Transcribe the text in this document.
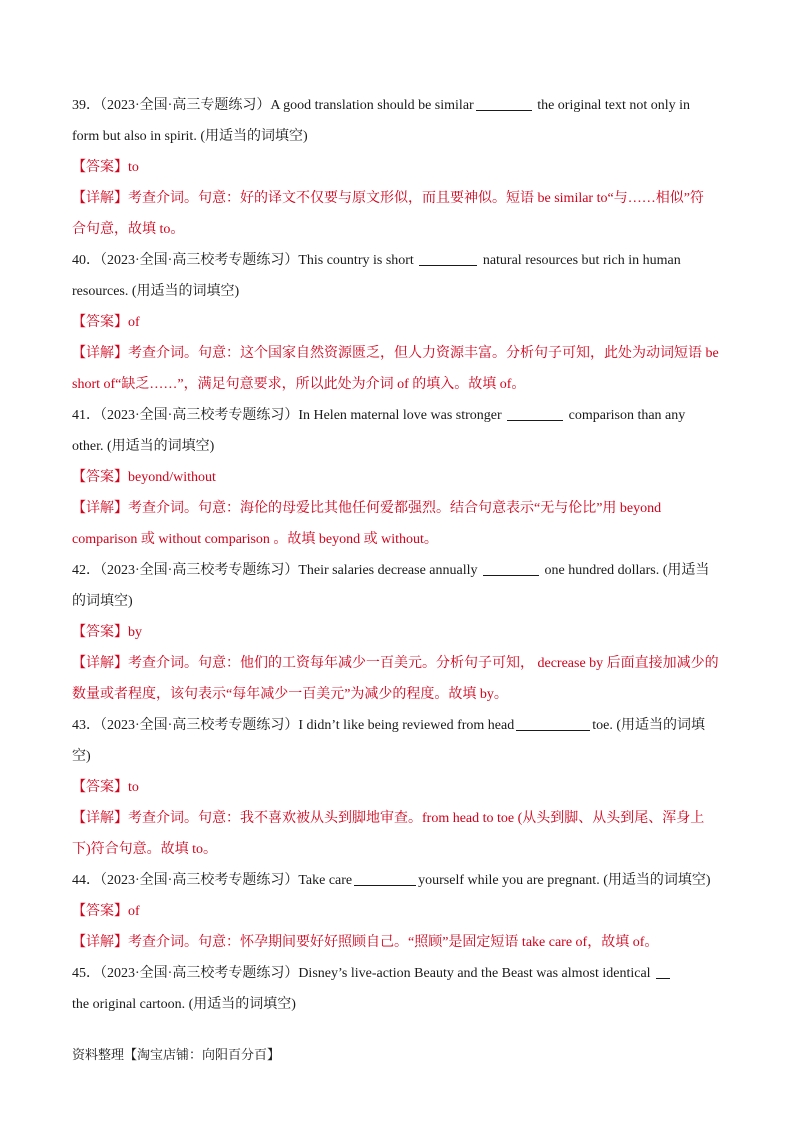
39．（2023·全国·高三专题练习）A good translation should be similar	the original text not only in
form but also in spirit. (用适当的词填空)
【答案】to
【详解】考查介词。句意：好的译文不仅要与原文形似，而且要神似。短语 be similar to“与……相似”符
合句意，故填 to。
40．（2023·全国·高三校考专题练习）This country is short	natural resources but rich in human
resources. (用适当的词填空)
【答案】of
【详解】考查介词。句意：这个国家自然资源匮乏，但人力资源丰富。分析句子可知，此处为动词短语 be
short of“缺乏……”，满足句意要求，所以此处为介词 of 的填入。故填 of。
41．（2023·全国·高三校考专题练习）In Helen maternal love was stronger	comparison than any
other. (用适当的词填空)
【答案】beyond/without
【详解】考查介词。句意：海伦的母爱比其他任何爱都强烈。结合句意表示“无与伦比”用 beyond
comparison 或 without comparison 。故填 beyond 或 without。
42．（2023·全国·高三校考专题练习）Their salaries decrease annually	one hundred dollars. (用适当
的词填空)
【答案】by
【详解】考查介词。句意：他们的工资每年减少一百美元。分析句子可知， decrease by 后面直接加减少的
数量或者程度，该句表示“每年减少一百美元”为减少的程度。故填 by。
43．（2023·全国·高三校考专题练习）I didn’t like being reviewed from head	toe. (用适当的词填
空)
【答案】to
【详解】考查介词。句意：我不喜欢被从头到脚地审查。from head to toe (从头到脚、从头到尾、浑身上
下)符合句意。故填 to。
44．（2023·全国·高三校考专题练习）Take care	yourself while you are pregnant. (用适当的词填空)
【答案】of
【详解】考查介词。句意：怀孕期间要好好照顾自己。“照顾”是固定短语 take care of，故填 of。
45．（2023·全国·高三校考专题练习）Disney’s live-action Beauty and the Beast was almost identical
the original cartoon. (用适当的词填空)
资料整理【淘宝店铺：向阳百分百】
